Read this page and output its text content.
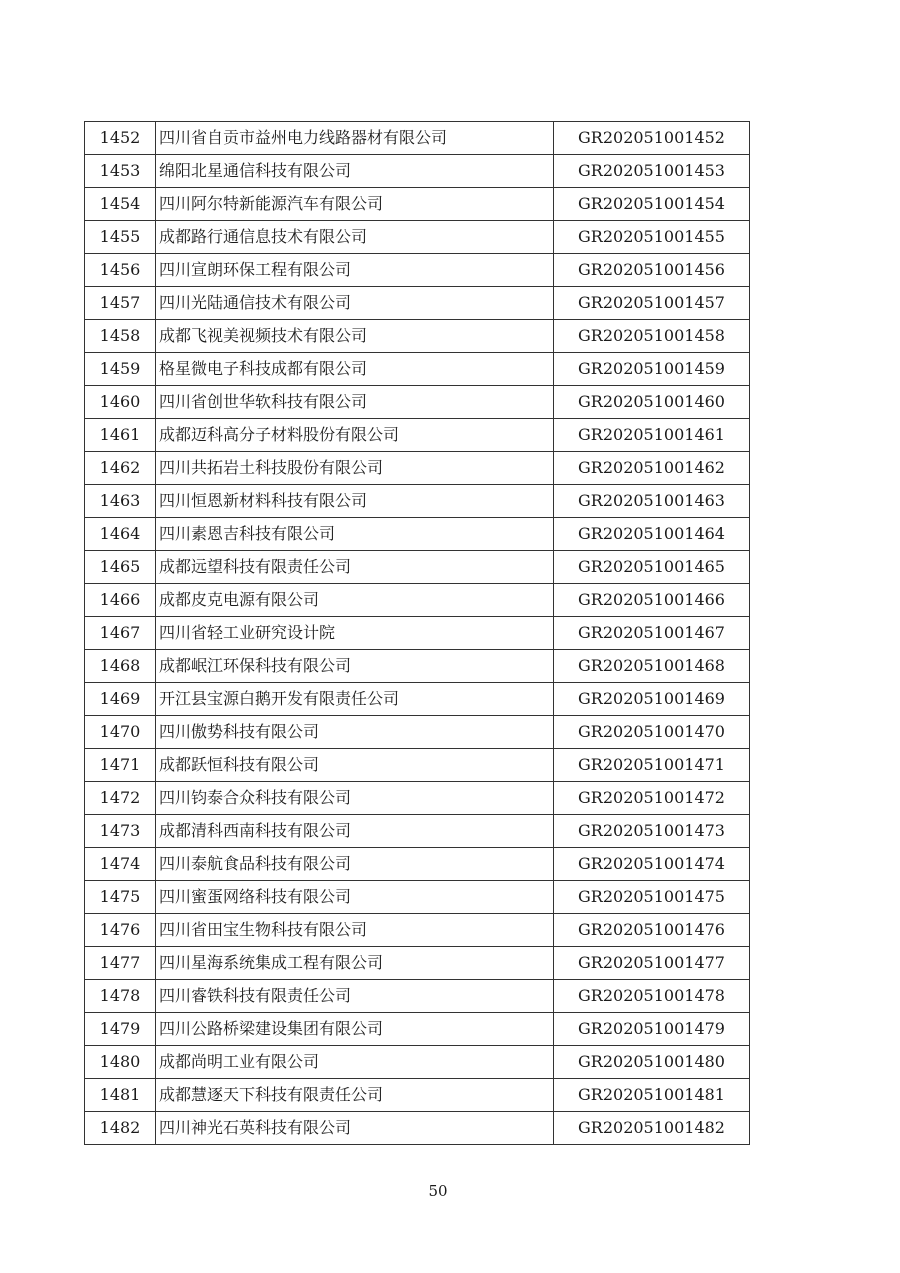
1452	四川省自贡市益州电力线路器材有限公司	GR202051001452
1453	绵阳北星通信科技有限公司	GR202051001453
1454	四川阿尔特新能源汽车有限公司	GR202051001454
1455	成都路行通信息技术有限公司	GR202051001455
1456	四川宣朗环保工程有限公司	GR202051001456
1457	四川光陆通信技术有限公司	GR202051001457
1458	成都飞视美视频技术有限公司	GR202051001458
1459	格星微电子科技成都有限公司	GR202051001459
1460	四川省创世华软科技有限公司	GR202051001460
1461	成都迈科高分子材料股份有限公司	GR202051001461
1462	四川共拓岩土科技股份有限公司	GR202051001462
1463	四川恒恩新材料科技有限公司	GR202051001463
1464	四川素恩吉科技有限公司	GR202051001464
1465	成都远望科技有限责任公司	GR202051001465
1466	成都皮克电源有限公司	GR202051001466
1467	四川省轻工业研究设计院	GR202051001467
1468	成都岷江环保科技有限公司	GR202051001468
1469	开江县宝源白鹅开发有限责任公司	GR202051001469
1470	四川傲势科技有限公司	GR202051001470
1471	成都跃恒科技有限公司	GR202051001471
1472	四川钧泰合众科技有限公司	GR202051001472
1473	成都清科西南科技有限公司	GR202051001473
1474	四川泰航食品科技有限公司	GR202051001474
1475	四川蜜蛋网络科技有限公司	GR202051001475
1476	四川省田宝生物科技有限公司	GR202051001476
1477	四川星海系统集成工程有限公司	GR202051001477
1478	四川睿铁科技有限责任公司	GR202051001478
1479	四川公路桥梁建设集团有限公司	GR202051001479
1480	成都尚明工业有限公司	GR202051001480
1481	成都慧逐天下科技有限责任公司	GR202051001481
1482	四川神光石英科技有限公司	GR202051001482
50
